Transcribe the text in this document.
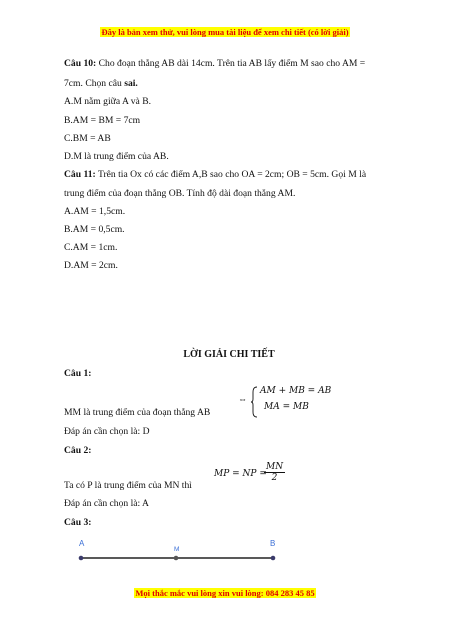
Đây là bản xem thử, vui lòng mua tài liệu để xem chi tiết (có lời giải)
Câu 10: Cho đoạn thẳng AB dài 14cm. Trên tia AB lấy điểm M sao cho AM =
7cm. Chọn câu sai.
A.M nằm giữa A và B.
B.AM = BM = 7cm
C.BM = AB
D.M là trung điểm của AB.
Câu 11: Trên tia Ox có các điểm A,B sao cho OA = 2cm; OB = 5cm. Gọi M là
trung điểm của đoạn thẳng OB. Tính độ dài đoạn thẳng AM.
A.AM = 1,5cm.
B.AM = 0,5cm.
C.AM = 1cm.
D.AM = 2cm.
LỜI GIẢI CHI TIẾT
Câu 1:
MM là trung điểm của đoạn thẳng AB
⇔
AM + MB = AB
MA = MB
Đáp án cần chọn là: D
Câu 2:
Ta có P là trung điểm của MN thì
MP = NP =
$\frac{MN}{2}$
Đáp án cần chọn là: A
Câu 3:
A
M
B
Mọi thắc mắc vui lòng xin vui lòng: 084 283 45 85
